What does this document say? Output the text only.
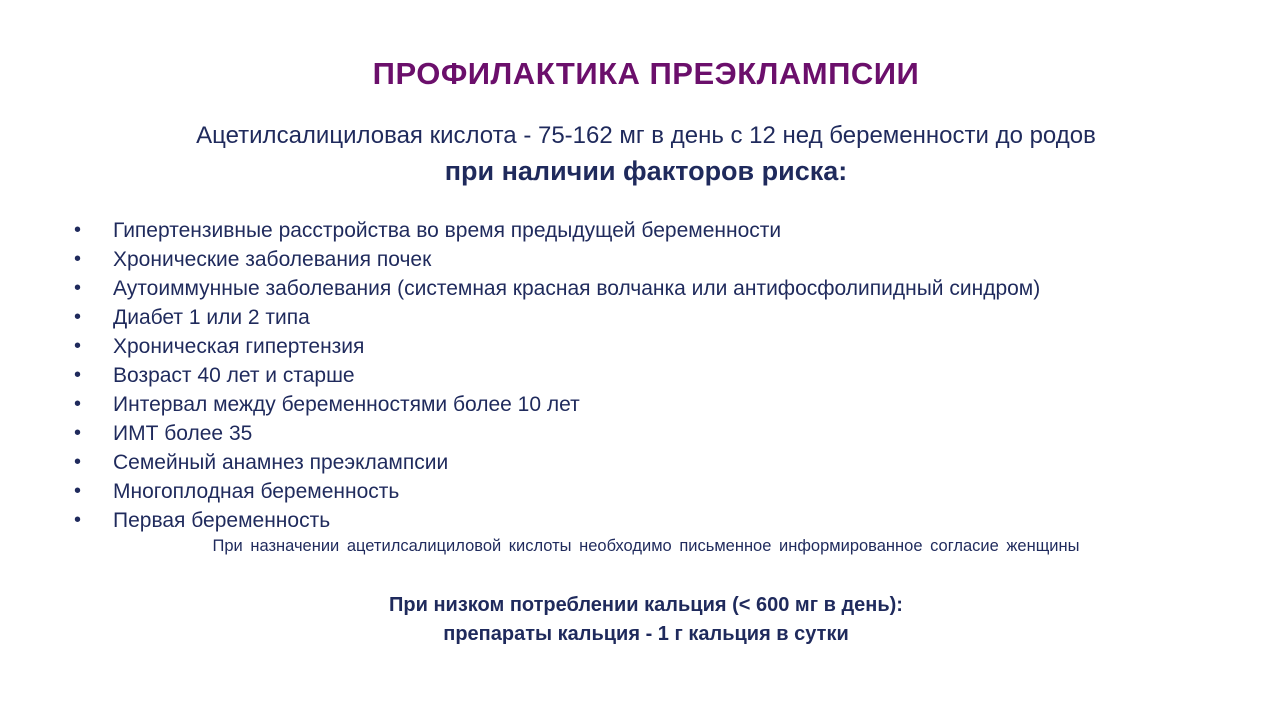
ПРОФИЛАКТИКА ПРЕЭКЛАМПСИИ
Ацетилсалициловая кислота - 75-162 мг в день с 12 нед беременности до родов
при наличии факторов риска:
• Гипертензивные расстройства во время предыдущей беременности
• Хронические заболевания почек
• Аутоиммунные заболевания (системная красная волчанка или антифосфолипидный синдром)
• Диабет 1 или 2 типа
• Хроническая гипертензия
• Возраст 40 лет и старше
• Интервал между беременностями более 10 лет
• ИМТ более 35
• Семейный анамнез преэклампсии
• Многоплодная беременность
• Первая беременность
При назначении ацетилсалициловой кислоты необходимо письменное информированное согласие женщины
При низком потреблении кальция (< 600 мг в день):
препараты кальция - 1 г кальция в сутки
